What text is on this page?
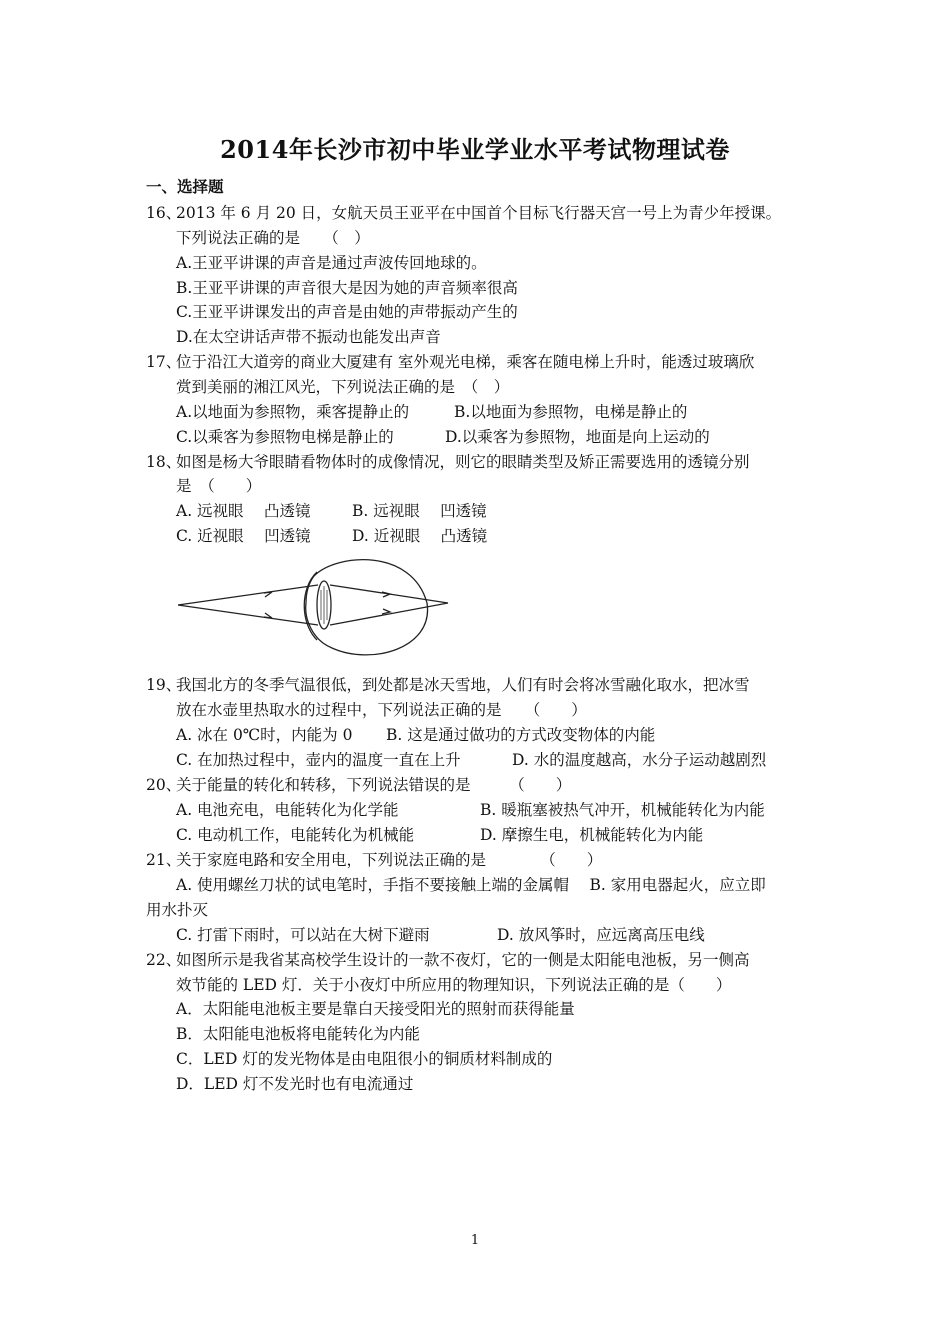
2014年长沙市初中毕业学业水平考试物理试卷
一、选择题
16、
2013 年 6 月 20 日，女航天员王亚平在中国首个目标飞行器天宫一号上为青少年授课。
下列说法正确的是　　（　）
A.王亚平讲课的声音是通过声波传回地球的。
B.王亚平讲课的声音很大是因为她的声音频率很高
C.王亚平讲课发出的声音是由她的声带振动产生的
D.在太空讲话声带不振动也能发出声音
17、
位于沿江大道旁的商业大厦建有 室外观光电梯，乘客在随电梯上升时，能透过玻璃欣
赏到美丽的湘江风光，下列说法正确的是　（　）
A.以地面为参照物，乘客提静止的	B.以地面为参照物，电梯是静止的
C.以乘客为参照物电梯是静止的	D.以乘客为参照物，地面是向上运动的
18、
如图是杨大爷眼睛看物体时的成像情况，则它的眼睛类型及矫正需要选用的透镜分别
是　（　　）
A. 远视眼　 凸透镜	B. 远视眼　 凹透镜
C. 近视眼　 凹透镜	D. 近视眼　 凸透镜
19、
我国北方的冬季气温很低，到处都是冰天雪地，人们有时会将冰雪融化取水，把冰雪
放在水壶里热取水的过程中，下列说法正确的是　　（　　）
A. 冰在 0℃时，内能为 0 B. 这是通过做功的方式改变物体的内能
C. 在加热过程中，壶内的温度一直在上升	D. 水的温度越高，水分子运动越剧烈
20、
关于能量的转化和转移，下列说法错误的是　　　（　　）
A. 电池充电，电能转化为化学能	B. 暖瓶塞被热气冲开，机械能转化为内能
C. 电动机工作，电能转化为机械能	D. 摩擦生电，机械能转化为内能
21、
关于家庭电路和安全用电，下列说法正确的是　　　　（　　）
A. 使用螺丝刀状的试电笔时，手指不要接触上端的金属帽　 B. 家用电器起火，应立即
用水扑灭
C. 打雷下雨时，可以站在大树下避雨	D. 放风筝时，应远离高压电线
22、
如图所示是我省某高校学生设计的一款不夜灯，它的一侧是太阳能电池板，另一侧高
效节能的 LED 灯．关于小夜灯中所应用的物理知识，下列说法正确的是（　　）
A．太阳能电池板主要是靠白天接受阳光的照射而获得能量
B．太阳能电池板将电能转化为内能
C．LED 灯的发光物体是由电阻很小的铜质材料制成的
D．LED 灯不发光时也有电流通过
1
